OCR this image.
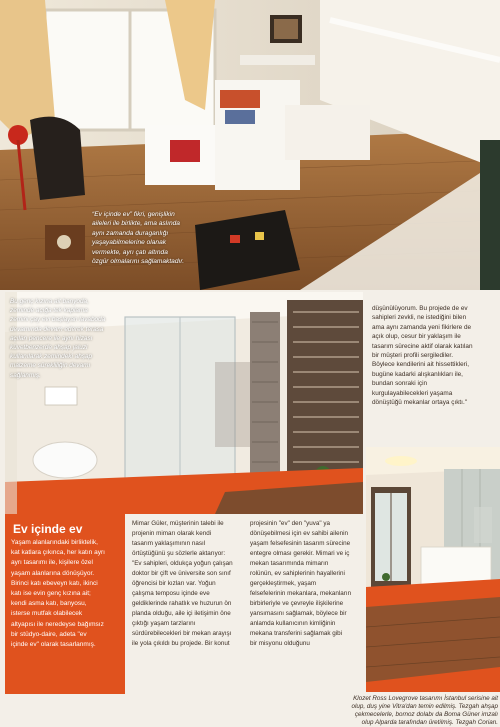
“Ev içinde ev” fikri, genişlikin
aileleri ile birlikte, ama aslında
aynı zamanda duraganlığı
yaşayabilmelerine olanak
vermekte, ayrı çatı altında
özgür olmalarını sağlamaktadır.

düşünülüyorum. Bu projede de ev

sahipleri zevkli, ne istediğini bilen

ama aynı zamanda yeni fikirlere de

açık olup, cesur bir yaklaşım ile

tasarım sürecine aktif olarak katılan

bir müşteri profili sergilediler.

Böylece kendilerini ait hissettikleri,

bugüne kadarki alışkanlıkları ile,

bundan sonraki için

kurgulayabilecekleri yaşama

dönüştüğü mekanlar ortaya çıktı."

Bu genç kızına ait banyoda,
zeminde açığa tek kaplama
zemini çay evi başlayan lavaboda
devamında devam ederek terasa
açılan pencere ile aynı hizası
küvetbenzerde ahşap jaluzi
kullanılarak zemindeki ahşap
malzeme sürekliliğin devamı
sağlanmış.
Ev içinde ev

Yaşam alanlarındaki birliktelik,

kat katlara çıkınca, her katın ayrı

ayrı tasarımı ile, kişilere özel

yaşam alanlarına dönüşüyor.

Birinci katı ebeveyn katı, ikinci

katı ise evin genç kızına ait;

kendi asma katı, banyosu,

isterse mutfak olabilecek

altyapısı ile neredeyse bağımsız

bir stüdyo-daire, adeta "ev

içinde ev" olarak tasarlanmış.

Mimar Güler, müşterinin talebi ile

projenin mimarı olarak kendi

tasarım yaklaşımının nasıl

örtüştüğünü şu sözlerle aktarıyor:

"Ev sahipleri, oldukça yoğun çalışan

doktor bir çift ve üniversite son sınıf

öğrencisi bir kızları var. Yoğun

çalışma temposu içinde eve

geldiklerinde rahatlık ve huzurun ön

planda olduğu, aile içi iletişimin öne

çıktığı yaşam tarzlarını

sürdürebilecekleri bir mekan arayışı

ile yola çıkıldı bu projede. Bir konut

projesinin "ev" den "yuva" ya

dönüşebilmesi için ev sahibi ailenin

yaşam felsefesinin tasarım sürecine

entegre olması gerekir. Mimari ve iç

mekan tasarımında mimarın

rolünün, ev sahiplerinin hayallerini

gerçekleştirmek, yaşam

felsefelerinin mekanlara, mekanların

birbirleriyle ve çevreyle ilişkilerine

yansımasını sağlamak, böylece bir

anlamda kullanıcının kimliğinin

mekana transferini sağlamak gibi

bir misyonu olduğunu

Klozet Ross Lovegrove tasarımı İstanbul serisine ait
olup, duş yine Vitra'dan temin edilmiş. Tezgah ahşap
çekmecelerle, bornoz dolabı da Boma Güner imzalı
olup Alparda tarafından üretilmiş. Tezgah Corian.
